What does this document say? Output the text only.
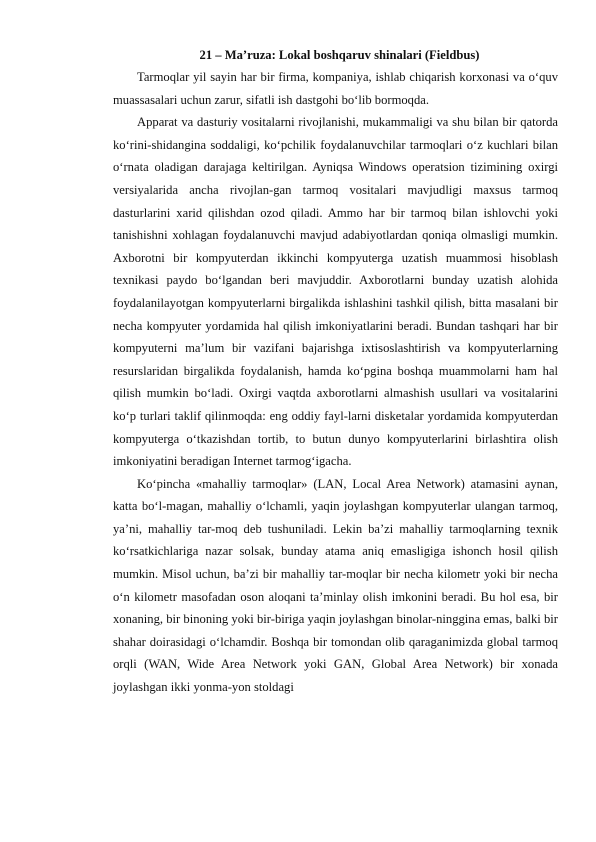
21 – Ma’ruza: Lokal boshqaruv shinalari (Fieldbus)

Tarmoqlar yil sayin har bir firma, kompaniya, ishlab chiqarish korxonasi va o‘quv muassasalari uchun zarur, sifatli ish dastgohi bo‘lib bormoqda.

Apparat va dasturiy vositalarni rivojlanishi, mukammaligi va shu bilan bir qatorda ko‘rini-shidangina soddaligi, ko‘pchilik foydalanuvchilar tarmoqlari o‘z kuchlari bilan o‘rnata oladigan darajaga keltirilgan. Ayniqsa Windows operatsion tizimining oxirgi versiyalarida ancha rivojlan-gan tarmoq vositalari mavjudligi maxsus tarmoq dasturlarini xarid qilishdan ozod qiladi. Ammo har bir tarmoq bilan ishlovchi yoki tanishishni xohlagan foydalanuvchi mavjud adabiyotlardan qoniqa olmasligi mumkin. Axborotni bir kompyuterdan ikkinchi kompyuterga uzatish muammosi hisoblash texnikasi paydo bo‘lgandan beri mavjuddir. Axborotlarni bunday uzatish alohida foydalanilayotgan kompyuterlarni birgalikda ishlashini tashkil qilish, bitta masalani bir necha kompyuter yordamida hal qilish imkoniyatlarini beradi. Bundan tashqari har bir kompyuterni ma’lum bir vazifani bajarishga ixtisoslashtirish va kompyuterlarning resurslaridan birgalikda foydalanish, hamda ko‘pgina boshqa muammolarni ham hal qilish mumkin bo‘ladi. Oxirgi vaqtda axborotlarni almashish usullari va vositalarini ko‘p turlari taklif qilinmoqda: eng oddiy fayl-larni disketalar yordamida kompyuterdan kompyuterga o‘tkazishdan tortib, to butun dunyo kompyuterlarini birlashtira olish imkoniyatini beradigan Internet tarmog‘igacha.

Ko‘pincha «mahalliy tarmoqlar» (LAN, Local Area Network) atamasini aynan, katta bo‘l-magan, mahalliy o‘lchamli, yaqin joylashgan kompyuterlar ulangan tarmoq, ya’ni, mahalliy tar-moq deb tushuniladi. Lekin ba’zi mahalliy tarmoqlarning texnik ko‘rsatkichlariga nazar solsak, bunday atama aniq emasligiga ishonch hosil qilish mumkin. Misol uchun, ba’zi bir mahalliy tar-moqlar bir necha kilometr yoki bir necha o‘n kilometr masofadan oson aloqani ta’minlay olish imkonini beradi. Bu hol esa, bir xonaning, bir binoning yoki bir-biriga yaqin joylashgan binolar-ninggina emas, balki bir shahar doirasidagi o‘lchamdir. Boshqa bir tomondan olib qaraganimizda global tarmoq orqli (WAN, Wide Area Network yoki GAN, Global Area Network) bir xonada joylashgan ikki yonma-yon stoldagi
